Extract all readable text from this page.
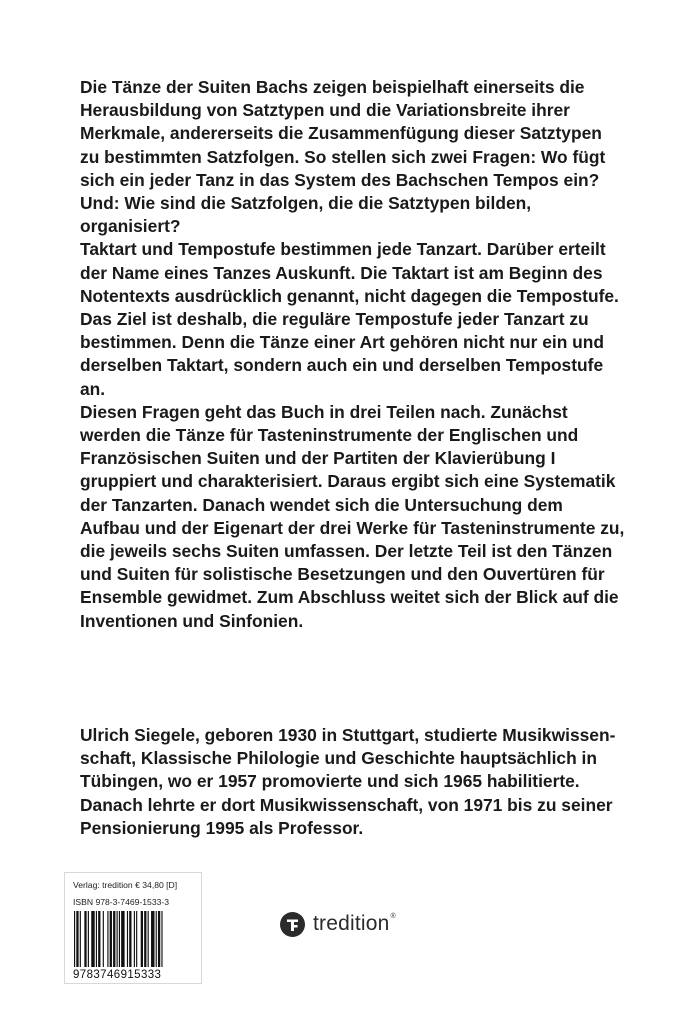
Die Tänze der Suiten Bachs zeigen beispielhaft einerseits die

Herausbildung von Satztypen und die Variationsbreite ihrer

Merkmale, andererseits die Zusammenfügung dieser Satztypen

zu bestimmten Satzfolgen. So stellen sich zwei Fragen: Wo fügt

sich ein jeder Tanz in das System des Bachschen Tempos ein?

Und: Wie sind die Satzfolgen, die die Satztypen bilden,

organisiert?

Taktart und Tempostufe bestimmen jede Tanzart. Darüber erteilt

der Name eines Tanzes Auskunft. Die Taktart ist am Beginn des

Notentexts ausdrücklich genannt, nicht dagegen die Tempostufe.

Das Ziel ist deshalb, die reguläre Tempostufe jeder Tanzart zu

bestimmen. Denn die Tänze einer Art gehören nicht nur ein und

derselben Taktart, sondern auch ein und derselben Tempostufe

an.

Diesen Fragen geht das Buch in drei Teilen nach. Zunächst

werden die Tänze für Tasteninstrumente der Englischen und

Französischen Suiten und der Partiten der Klavierübung I

gruppiert und charakterisiert. Daraus ergibt sich eine Systematik

der Tanzarten. Danach wendet sich die Untersuchung dem

Aufbau und der Eigenart der drei Werke für Tasteninstrumente zu,

die jeweils sechs Suiten umfassen. Der letzte Teil ist den Tänzen

und Suiten für solistische Besetzungen und den Ouvertüren für

Ensemble gewidmet. Zum Abschluss weitet sich der Blick auf die

Inventionen und Sinfonien.

Ulrich Siegele, geboren 1930 in Stuttgart, studierte Musikwissen-

schaft, Klassische Philologie und Geschichte hauptsächlich in

Tübingen, wo er 1957 promovierte und sich 1965 habilitierte.

Danach lehrte er dort Musikwissenschaft, von 1971 bis zu seiner

Pensionierung 1995 als Professor.

Verlag: tredition € 34,80 [D]
ISBN 978-3-7469-1533-3
9783746915333
tredition ®
